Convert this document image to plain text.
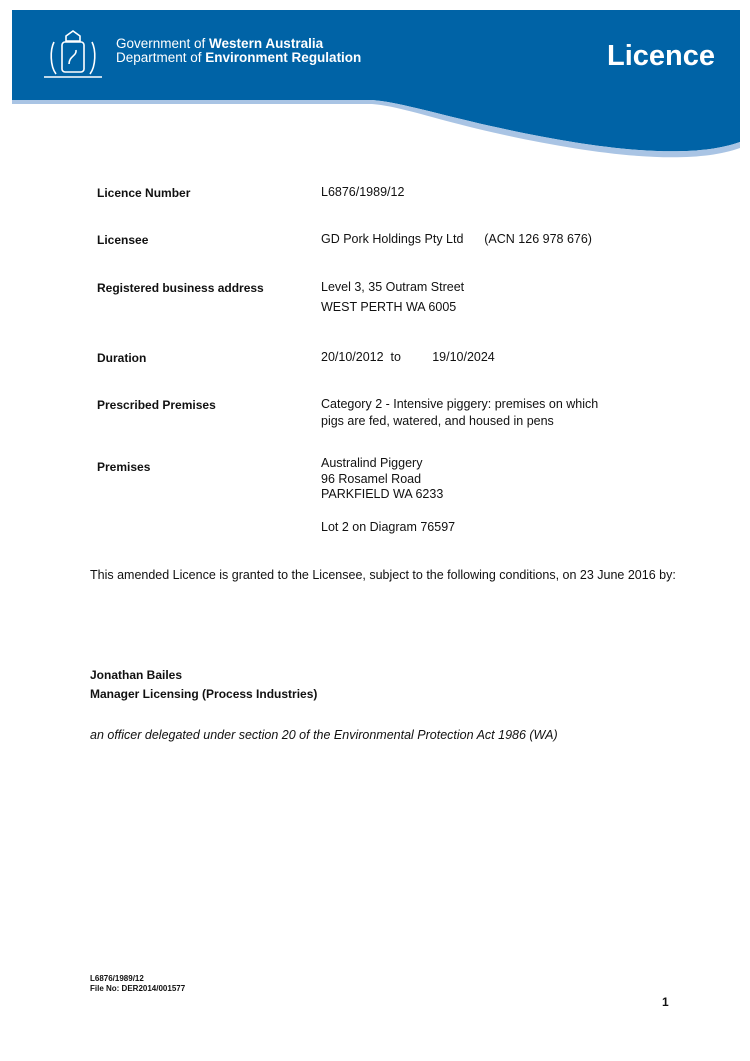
Government of Western Australia
Department of Environment Regulation	Licence
Licence Number	L6876/1989/12
Licensee	GD Pork Holdings Pty Ltd      (ACN 126 978 676)
Registered business address	Level 3, 35 Outram Street
WEST PERTH WA 6005
Duration	20/10/2012  to         19/10/2024
Prescribed Premises	Category 2 - Intensive piggery: premises on which
pigs are fed, watered, and housed in pens
Premises	Australind Piggery
96 Rosamel Road
PARKFIELD WA 6233
Lot 2 on Diagram 76597
This amended Licence is granted to the Licensee, subject to the following conditions, on 23 June 2016 by:
Jonathan Bailes
Manager Licensing (Process Industries)
an officer delegated under section 20 of the Environmental Protection Act 1986 (WA)
L6876/1989/12
File No: DER2014/001577
1
